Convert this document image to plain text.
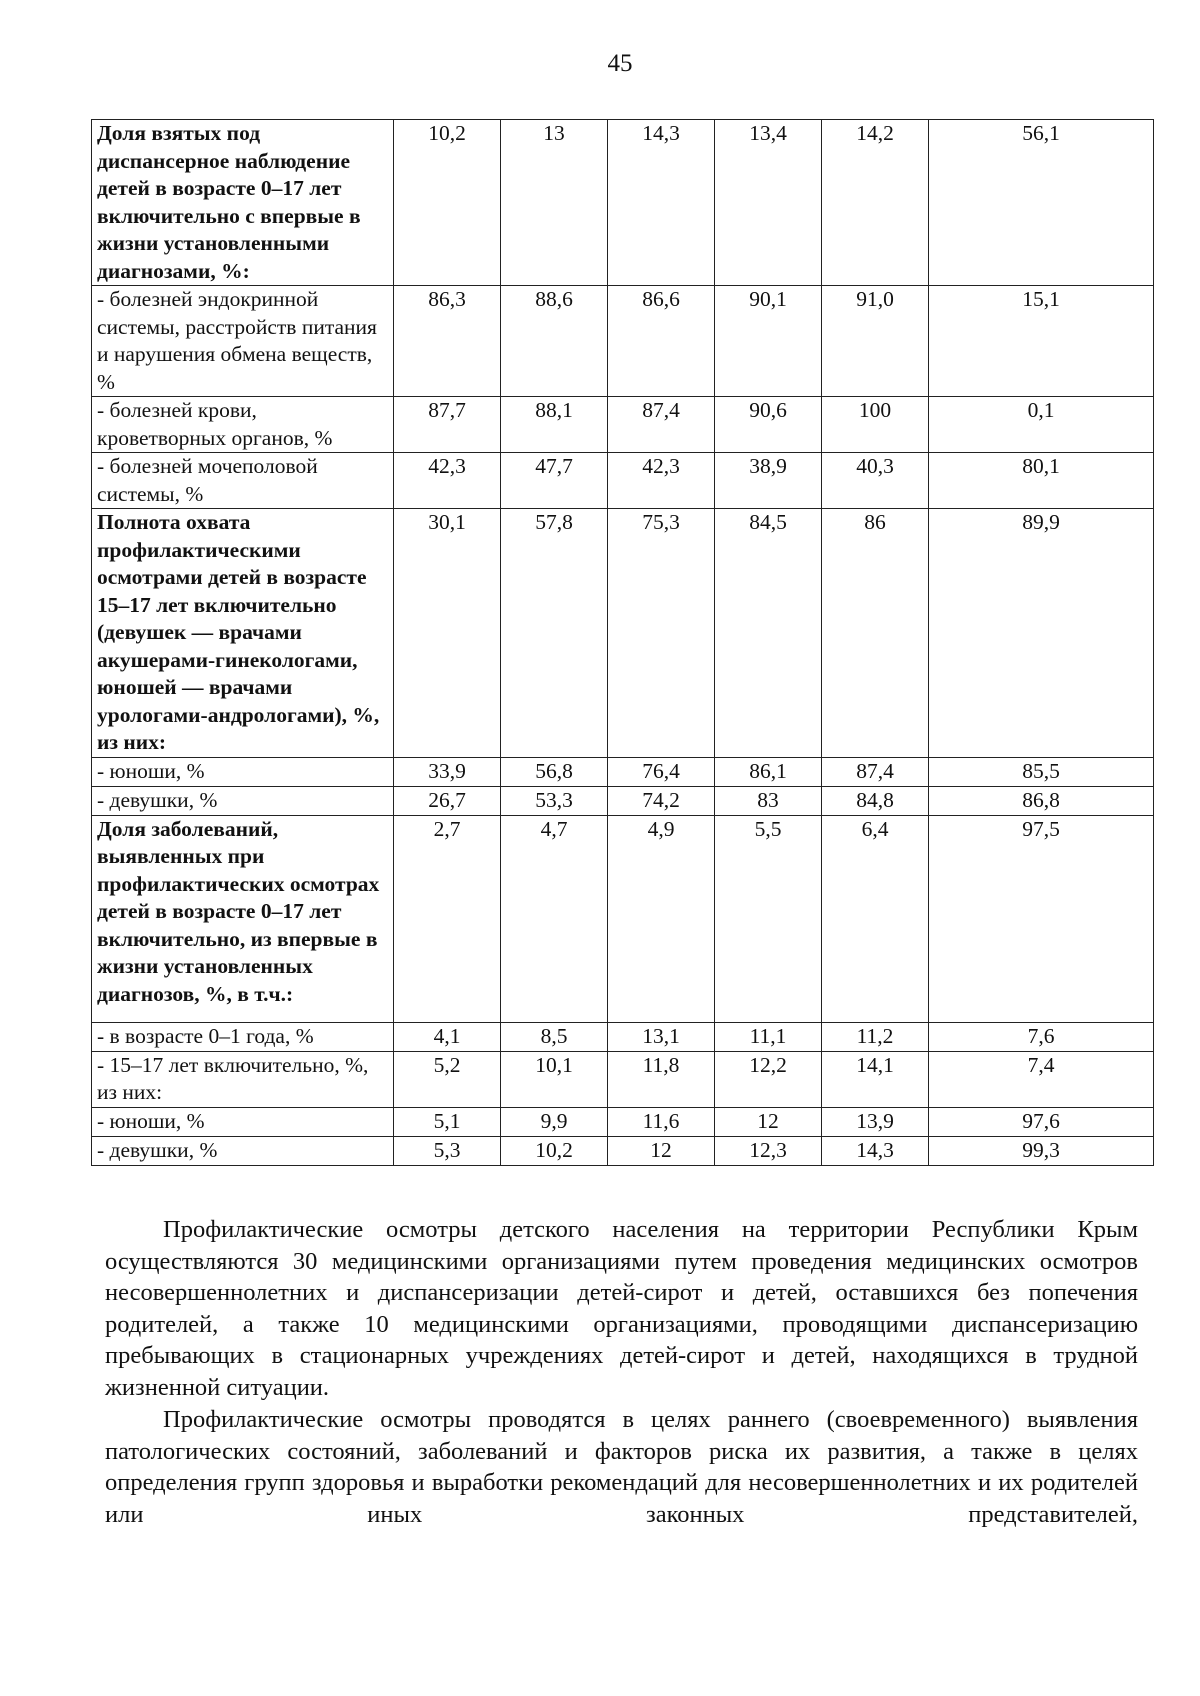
45
Доля взятых под диспансерное наблюдение детей в возрасте 0–17 лет включительно с впервые в жизни установленными диагнозами, %:	10,2	13	14,3	13,4	14,2	56,1
- болезней эндокринной системы, расстройств питания и нарушения обмена веществ, %	86,3	88,6	86,6	90,1	91,0	15,1
- болезней крови, кроветворных органов, %	87,7	88,1	87,4	90,6	100	0,1
- болезней мочеполовой системы, %	42,3	47,7	42,3	38,9	40,3	80,1
Полнота охвата профилактическими осмотрами детей в возрасте 15–17 лет включительно (девушек — врачами акушерами-гинекологами, юношей — врачами урологами-андрологами), %, из них:	30,1	57,8	75,3	84,5	86	89,9
- юноши, %	33,9	56,8	76,4	86,1	87,4	85,5
- девушки, %	26,7	53,3	74,2	83	84,8	86,8
Доля заболеваний, выявленных при профилактических осмотрах детей в возрасте 0–17 лет включительно, из впервые в жизни установленных диагнозов, %, в т.ч.:	2,7	4,7	4,9	5,5	6,4	97,5
- в возрасте 0–1 года, %	4,1	8,5	13,1	11,1	11,2	7,6
- 15–17 лет включительно, %, из них:	5,2	10,1	11,8	12,2	14,1	7,4
- юноши, %	5,1	9,9	11,6	12	13,9	97,6
- девушки, %	5,3	10,2	12	12,3	14,3	99,3
Профилактические осмотры детского населения на территории Республики Крым осуществляются 30 медицинскими организациями путем проведения медицинских осмотров несовершеннолетних и диспансеризации детей-сирот и детей, оставшихся без попечения родителей, а также 10 медицинскими организациями, проводящими диспансеризацию пребывающих в стационарных учреждениях детей-сирот и детей, находящихся в трудной жизненной ситуации.
Профилактические осмотры проводятся в целях раннего (своевременного) выявления патологических состояний, заболеваний и факторов риска их развития, а также в целях определения групп здоровья и выработки рекомендаций для несовершеннолетних и их родителей или иных законных представителей,
